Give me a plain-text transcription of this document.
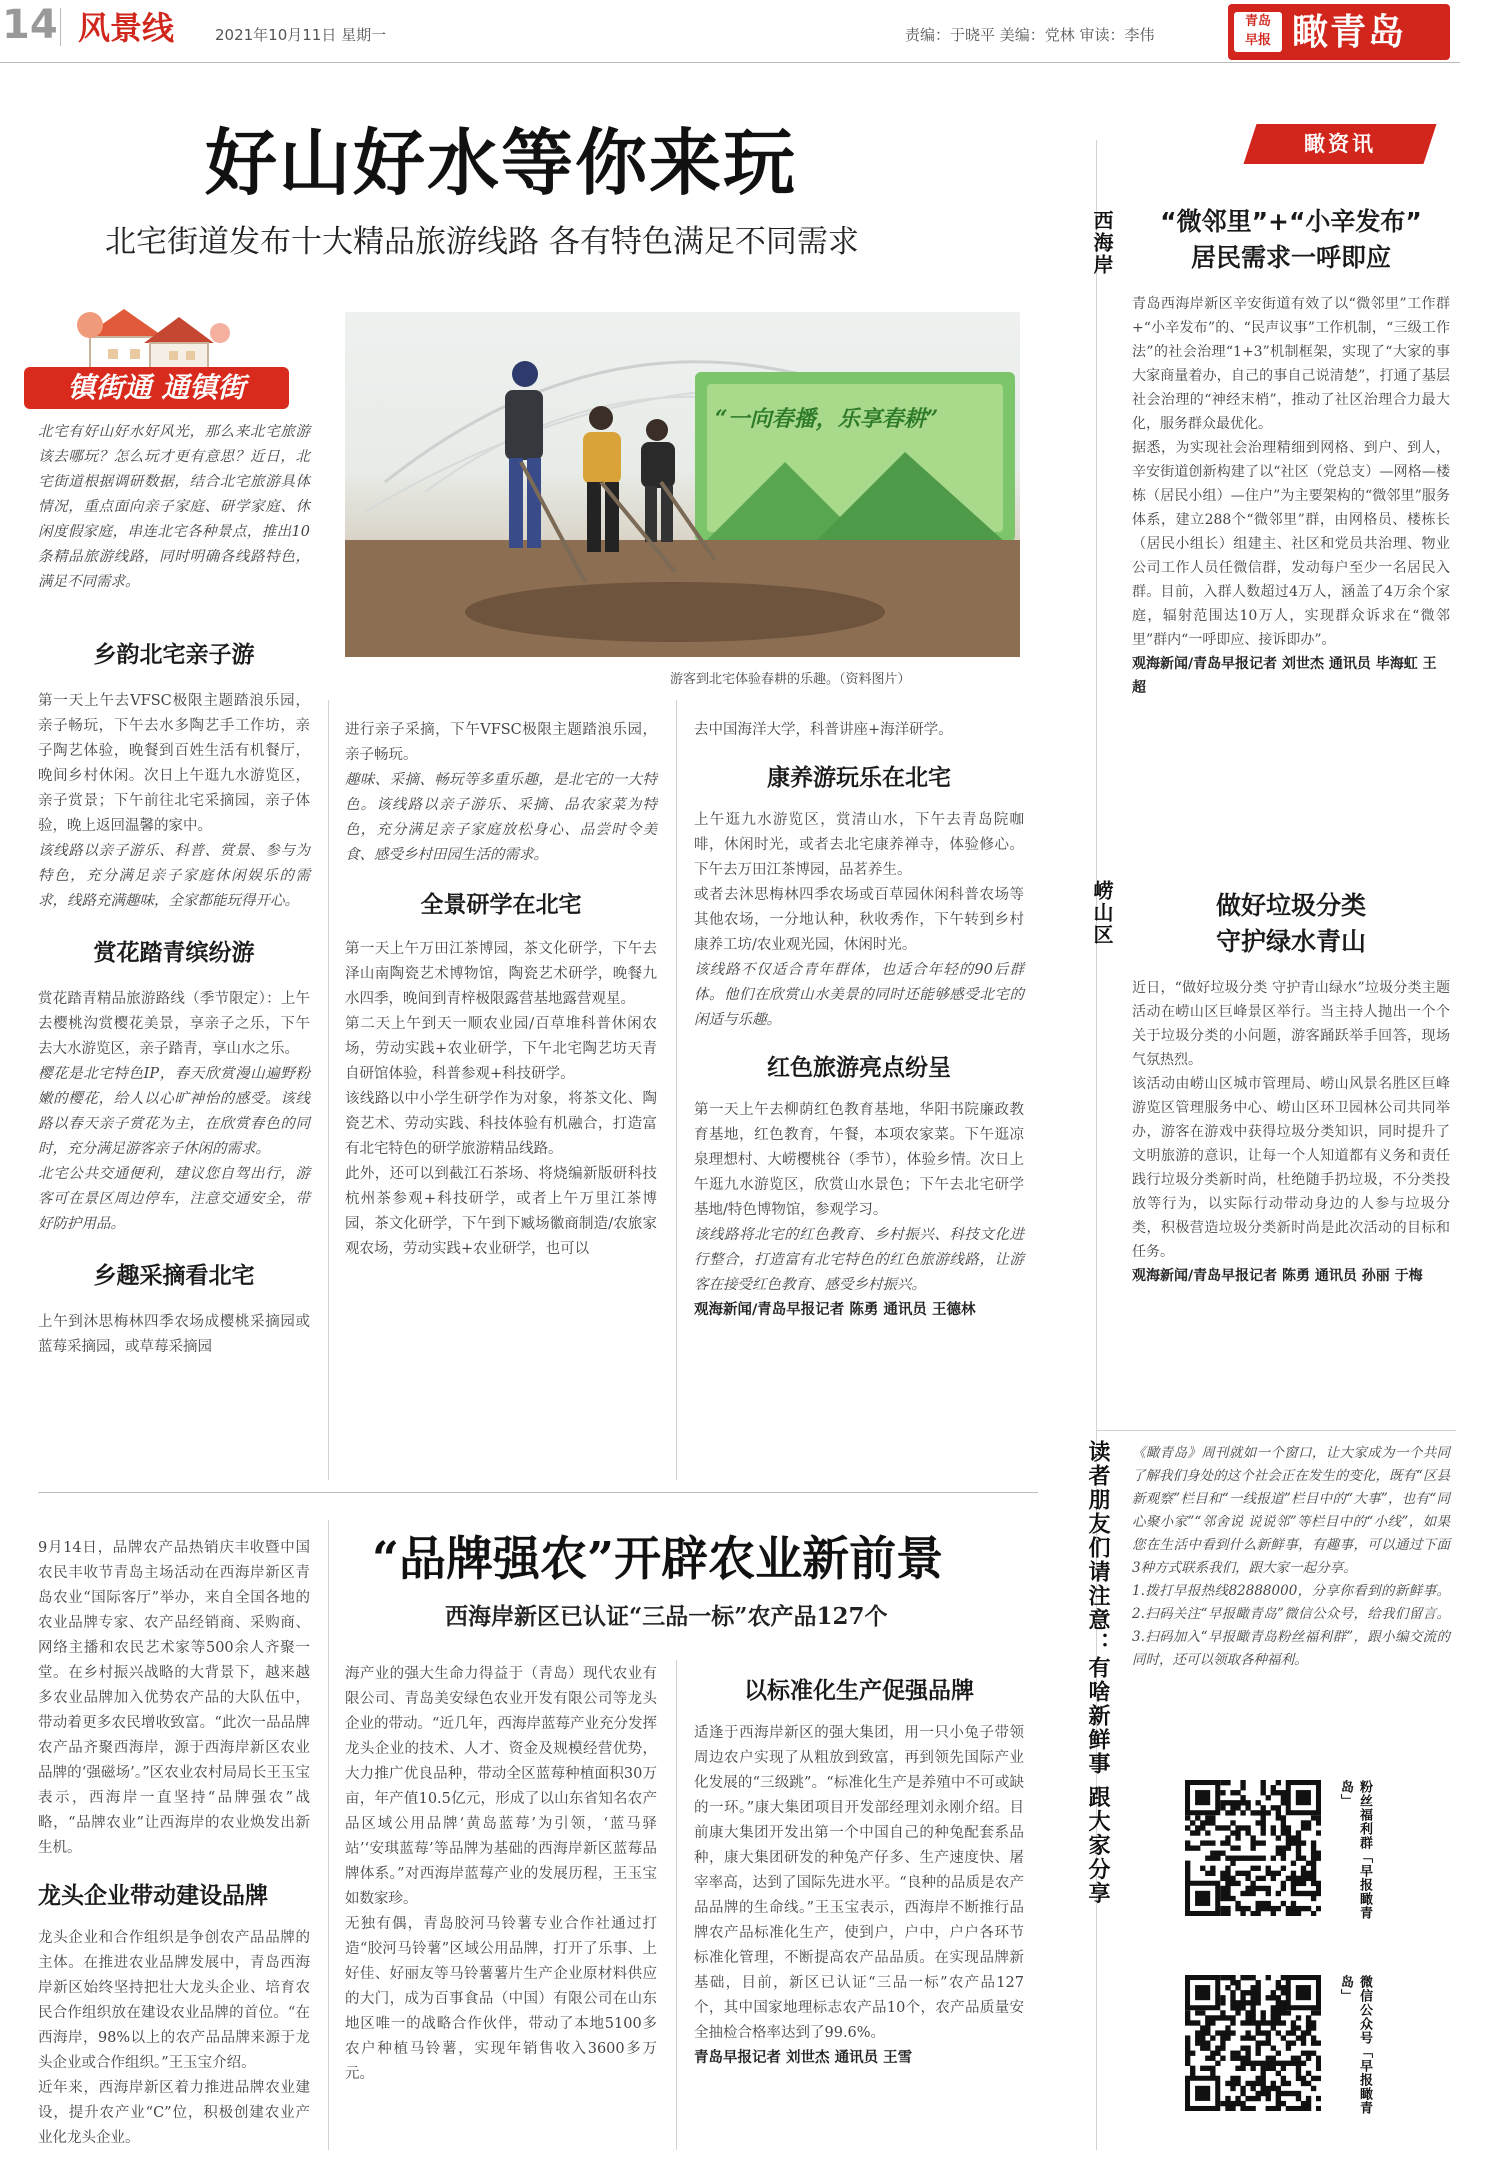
14 风景线	2021年10月11日 星期一	责编：于晓平 美编：党林 审读：李伟
青岛
早报 瞰青岛
好山好水等你来玩
北宅街道发布十大精品旅游线路 各有特色满足不同需求
镇街通 通镇街
“一向春播，乐享春耕”
游客到北宅体验春耕的乐趣。（资料图片）

北宅有好山好水好风光，那么来北宅旅游该去哪玩？怎么玩才更有意思？近日，北宅街道根据调研数据，结合北宅旅游具体情况，重点面向亲子家庭、研学家庭、休闲度假家庭，串连北宅各种景点，推出10条精品旅游线路，同时明确各线路特色，满足不同需求。

乡韵北宅亲子游

第一天上午去VFSC极限主题踏浪乐园，亲子畅玩，下午去水多陶艺手工作坊，亲子陶艺体验，晚餐到百姓生活有机餐厅，晚间乡村休闲。次日上午逛九水游览区，亲子赏景；下午前往北宅采摘园，亲子体验，晚上返回温馨的家中。

该线路以亲子游乐、科普、赏景、参与为特色，充分满足亲子家庭休闲娱乐的需求，线路充满趣味，全家都能玩得开心。

赏花踏青缤纷游

赏花踏青精品旅游路线（季节限定）：上午去樱桃沟赏樱花美景，享亲子之乐，下午去大水游览区，亲子踏青，享山水之乐。

樱花是北宅特色IP，春天欣赏漫山遍野粉嫩的樱花，给人以心旷神怡的感受。该线路以春天亲子赏花为主，在欣赏春色的同时，充分满足游客亲子休闲的需求。

北宅公共交通便利，建议您自驾出行，游客可在景区周边停车，注意交通安全，带好防护用品。

乡趣采摘看北宅

上午到沐思梅林四季农场成樱桃采摘园或蓝莓采摘园，或草莓采摘园

进行亲子采摘，下午VFSC极限主题踏浪乐园，亲子畅玩。

趣味、采摘、畅玩等多重乐趣，是北宅的一大特色。该线路以亲子游乐、采摘、品农家菜为特色，充分满足亲子家庭放松身心、品尝时令美食、感受乡村田园生活的需求。

全景研学在北宅

第一天上午万田江茶博园，茶文化研学，下午去泽山南陶瓷艺术博物馆，陶瓷艺术研学，晚餐九水四季，晚间到青梓极限露营基地露营观星。

第二天上午到天一顺农业园/百草堆科普休闲农场，劳动实践+农业研学，下午北宅陶艺坊天青自研馆体验，科普参观+科技研学。

该线路以中小学生研学作为对象，将茶文化、陶瓷艺术、劳动实践、科技体验有机融合，打造富有北宅特色的研学旅游精品线路。

此外，还可以到截江石茶场、将烧编新版研科技杭州茶参观+科技研学，或者上午万里江茶博园，茶文化研学，下午到下臧场徽商制造/农旅家观农场，劳动实践+农业研学，也可以

去中国海洋大学，科普讲座+海洋研学。

康养游玩乐在北宅

上午逛九水游览区，赏清山水，下午去青岛院咖啡，休闲时光，或者去北宅康养禅寺，体验修心。下午去万田江茶博园，品茗养生。

或者去沐思梅林四季农场或百草园休闲科普农场等其他农场，一分地认种，秋收秀作，下午转到乡村康养工坊/农业观光园，休闲时光。

该线路不仅适合青年群体，也适合年轻的90后群体。他们在欣赏山水美景的同时还能够感受北宅的闲适与乐趣。

红色旅游亮点纷呈

第一天上午去柳荫红色教育基地，华阳书院廉政教育基地，红色教育，午餐，本项农家菜。下午逛凉泉理想村、大崂樱桃谷（季节），体验乡情。次日上午逛九水游览区，欣赏山水景色；下午去北宅研学基地/特色博物馆，参观学习。

该线路将北宅的红色教育、乡村振兴、科技文化进行整合，打造富有北宅特色的红色旅游线路，让游客在接受红色教育、感受乡村振兴。

观海新闻/青岛早报记者 陈勇 通讯员 王德林

瞰资讯
西海岸	“微邻里”+“小辛发布”

居民需求一呼即应

青岛西海岸新区辛安街道有效了以“微邻里”工作群+“小辛发布”的、“民声议事”工作机制，“三级工作法”的社会治理“1+3”机制框架，实现了“大家的事大家商量着办，自己的事自己说清楚”，打通了基层社会治理的“神经末梢”，推动了社区治理合力最大化，服务群众最优化。

据悉，为实现社会治理精细到网格、到户、到人，辛安街道创新构建了以“社区（党总支）—网格—楼栋（居民小组）—住户”为主要架构的“微邻里”服务体系，建立288个“微邻里”群，由网格员、楼栋长（居民小组长）组建主、社区和党员共治理、物业公司工作人员任微信群，发动每户至少一名居民入群。目前，入群人数超过4万人，涵盖了4万余个家庭，辐射范围达10万人，实现群众诉求在“微邻里”群内“一呼即应、接诉即办”。

观海新闻/青岛早报记者 刘世杰 通讯员 毕海虹 王超

崂山区	做好垃圾分类

守护绿水青山

近日，“做好垃圾分类 守护青山绿水”垃圾分类主题活动在崂山区巨峰景区举行。当主持人抛出一个个关于垃圾分类的小问题，游客踊跃举手回答，现场气氛热烈。

该活动由崂山区城市管理局、崂山风景名胜区巨峰游览区管理服务中心、崂山区环卫园林公司共同举办，游客在游戏中获得垃圾分类知识，同时提升了文明旅游的意识，让每一个人知道都有义务和责任践行垃圾分类新时尚，杜绝随手扔垃圾，不分类投放等行为，以实际行动带动身边的人参与垃圾分类，积极营造垃圾分类新时尚是此次活动的目标和任务。

观海新闻/青岛早报记者 陈勇 通讯员 孙丽 于梅

读者朋友们请注意：有啥新鲜事 跟大家分享 《瞰青岛》周刊就如一个窗口，让大家成为一个共同了解我们身处的这个社会正在发生的变化，既有“区县新观察”栏目和“一线报道”栏目中的“大事”，也有“同心聚小家”“邻舍说 说说邻”等栏目中的“小线”，如果您在生活中看到什么新鲜事，有趣事，可以通过下面3种方式联系我们，跟大家一起分享。

1.拨打早报热线82888000，分享你看到的新鲜事。2.扫码关注“早报瞰青岛”微信公众号，给我们留言。3.扫码加入“早报瞰青岛粉丝福利群”，跟小编交流的同时，还可以领取各种福利。

粉丝福利群「早报瞰青岛」
微信公众号「早报瞰青岛」
“品牌强农”开辟农业新前景
西海岸新区已认证“三品一标”农产品127个

9月14日，品牌农产品热销庆丰收暨中国农民丰收节青岛主场活动在西海岸新区青岛农业“国际客厅”举办，来自全国各地的农业品牌专家、农产品经销商、采购商、网络主播和农民艺术家等500余人齐聚一堂。在乡村振兴战略的大背景下，越来越多农业品牌加入优势农产品的大队伍中，带动着更多农民增收致富。“此次一品品牌农产品齐聚西海岸，源于西海岸新区农业品牌的‘强磁场’。”区农业农村局局长王玉宝表示，西海岸一直坚持“品牌强农”战略，“品牌农业”让西海岸的农业焕发出新生机。

龙头企业带动建设品牌

龙头企业和合作组织是争创农产品品牌的主体。在推进农业品牌发展中，青岛西海岸新区始终坚持把壮大龙头企业、培育农民合作组织放在建设农业品牌的首位。“在西海岸，98%以上的农产品品牌来源于龙头企业或合作组织。”王玉宝介绍。

近年来，西海岸新区着力推进品牌农业建设，提升农产业“C”位，积极创建农业产业化龙头企业。

海产业的强大生命力得益于（青岛）现代农业有限公司、青岛美安绿色农业开发有限公司等龙头企业的带动。“近几年，西海岸蓝莓产业充分发挥龙头企业的技术、人才、资金及规模经营优势，大力推广优良品种，带动全区蓝莓种植面积30万亩，年产值10.5亿元，形成了以山东省知名农产品区域公用品牌‘黄岛蓝莓’为引领，‘蓝马驿站’‘安琪蓝莓’等品牌为基础的西海岸新区蓝莓品牌体系。”对西海岸蓝莓产业的发展历程，王玉宝如数家珍。

无独有偶，青岛胶河马铃薯专业合作社通过打造“胶河马铃薯”区域公用品牌，打开了乐事、上好佳、好丽友等马铃薯薯片生产企业原材料供应的大门，成为百事食品（中国）有限公司在山东地区唯一的战略合作伙伴，带动了本地5100多农户种植马铃薯，实现年销售收入3600多万元。

以标准化生产促强品牌

适逢于西海岸新区的强大集团，用一只小兔子带领周边农户实现了从粗放到致富，再到领先国际产业化发展的“三级跳”。“标准化生产是养殖中不可或缺的一环。”康大集团项目开发部经理刘永刚介绍。目前康大集团开发出第一个中国自己的种兔配套系品种，康大集团研发的种兔产仔多、生产速度快、屠宰率高，达到了国际先进水平。“良种的品质是农产品品牌的生命线。”王玉宝表示，西海岸不断推行品牌农产品标准化生产，使到户，户中，户户各环节标准化管理，不断提高农产品品质。在实现品牌新基础，目前，新区已认证“三品一标”农产品127个，其中国家地理标志农产品10个，农产品质量安全抽检合格率达到了99.6%。

青岛早报记者 刘世杰 通讯员 王雪
